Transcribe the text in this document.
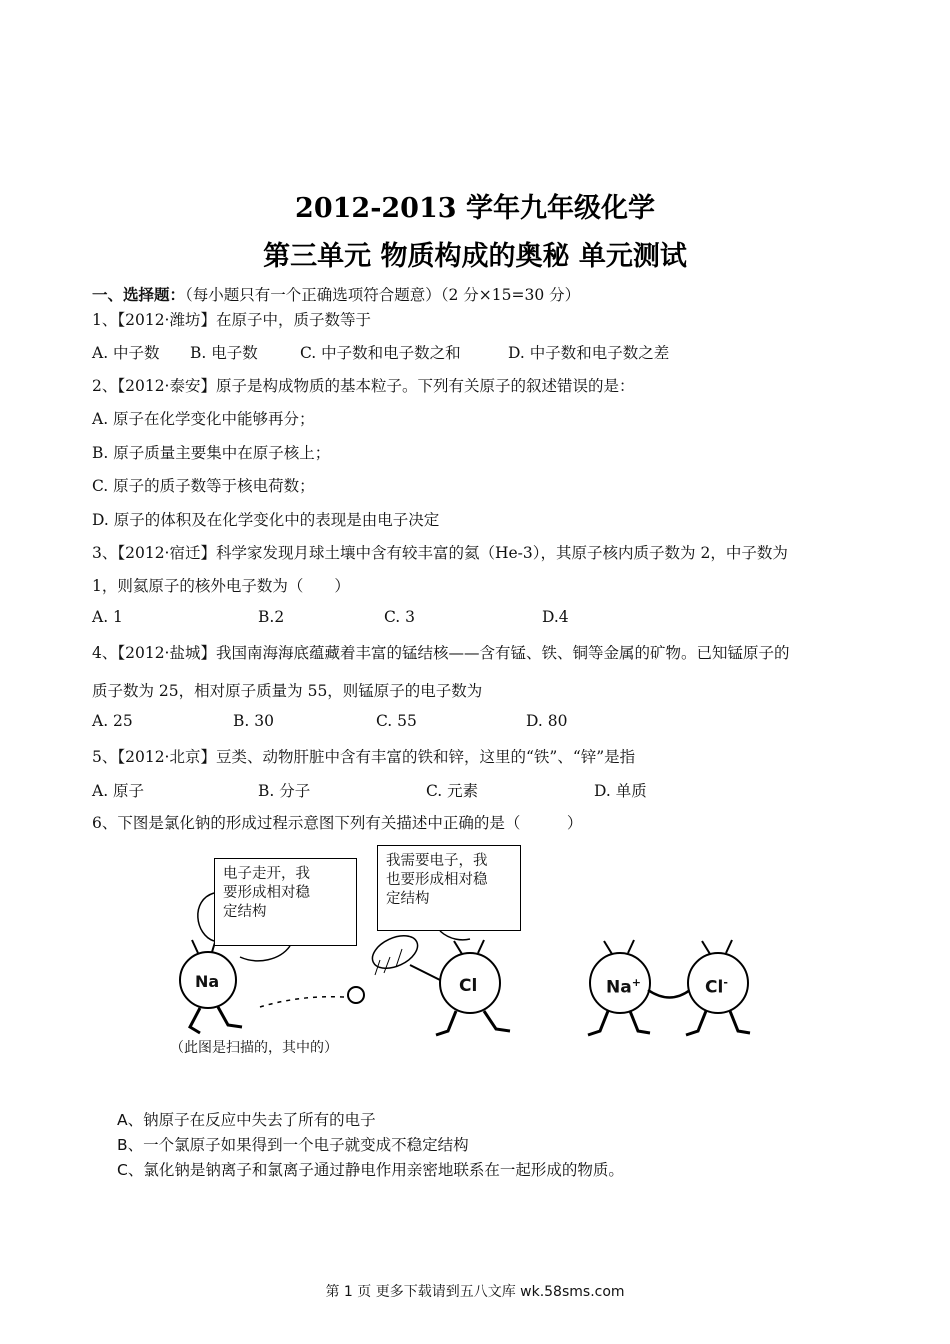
2012-2013 学年九年级化学
第三单元 物质构成的奥秘 单元测试
一、选择题：（每小题只有一个正确选项符合题意）（2 分×15=30 分）
1、【2012·潍坊】在原子中，质子数等于
A. 中子数 B. 电子数	C. 中子数和电子数之和	D. 中子数和电子数之差
2、【2012·泰安】原子是构成物质的基本粒子。下列有关原子的叙述错误的是：
A. 原子在化学变化中能够再分；
B. 原子质量主要集中在原子核上；
C. 原子的质子数等于核电荷数；
D. 原子的体积及在化学变化中的表现是由电子决定
3、【2012·宿迁】科学家发现月球土壤中含有较丰富的氦（He-3），其原子核内质子数为 2，中子数为
1，则氦原子的核外电子数为（　　）
A. 1	B.2	C. 3	D.4
4、【2012·盐城】我国南海海底蕴藏着丰富的锰结核——含有锰、铁、铜等金属的矿物。已知锰原子的
质子数为 25，相对原子质量为 55，则锰原子的电子数为
A. 25	B. 30	C. 55	D. 80
5、【2012·北京】豆类、动物肝脏中含有丰富的铁和锌，这里的“铁”、“锌”是指
A. 原子	B. 分子	C. 元素	D. 单质
6、下图是氯化钠的形成过程示意图下列有关描述中正确的是（　　　）
电子走开，我
要形成相对稳
定结构
我需要电子，我
也要形成相对稳
定结构
Na	Cl	Na+	Cl-
（此图是扫描的，其中的）
A、钠原子在反应中失去了所有的电子
B、一个氯原子如果得到一个电子就变成不稳定结构
C、氯化钠是钠离子和氯离子通过静电作用亲密地联系在一起形成的物质。
第 1 页 更多下载请到五八文库 wk.58sms.com
